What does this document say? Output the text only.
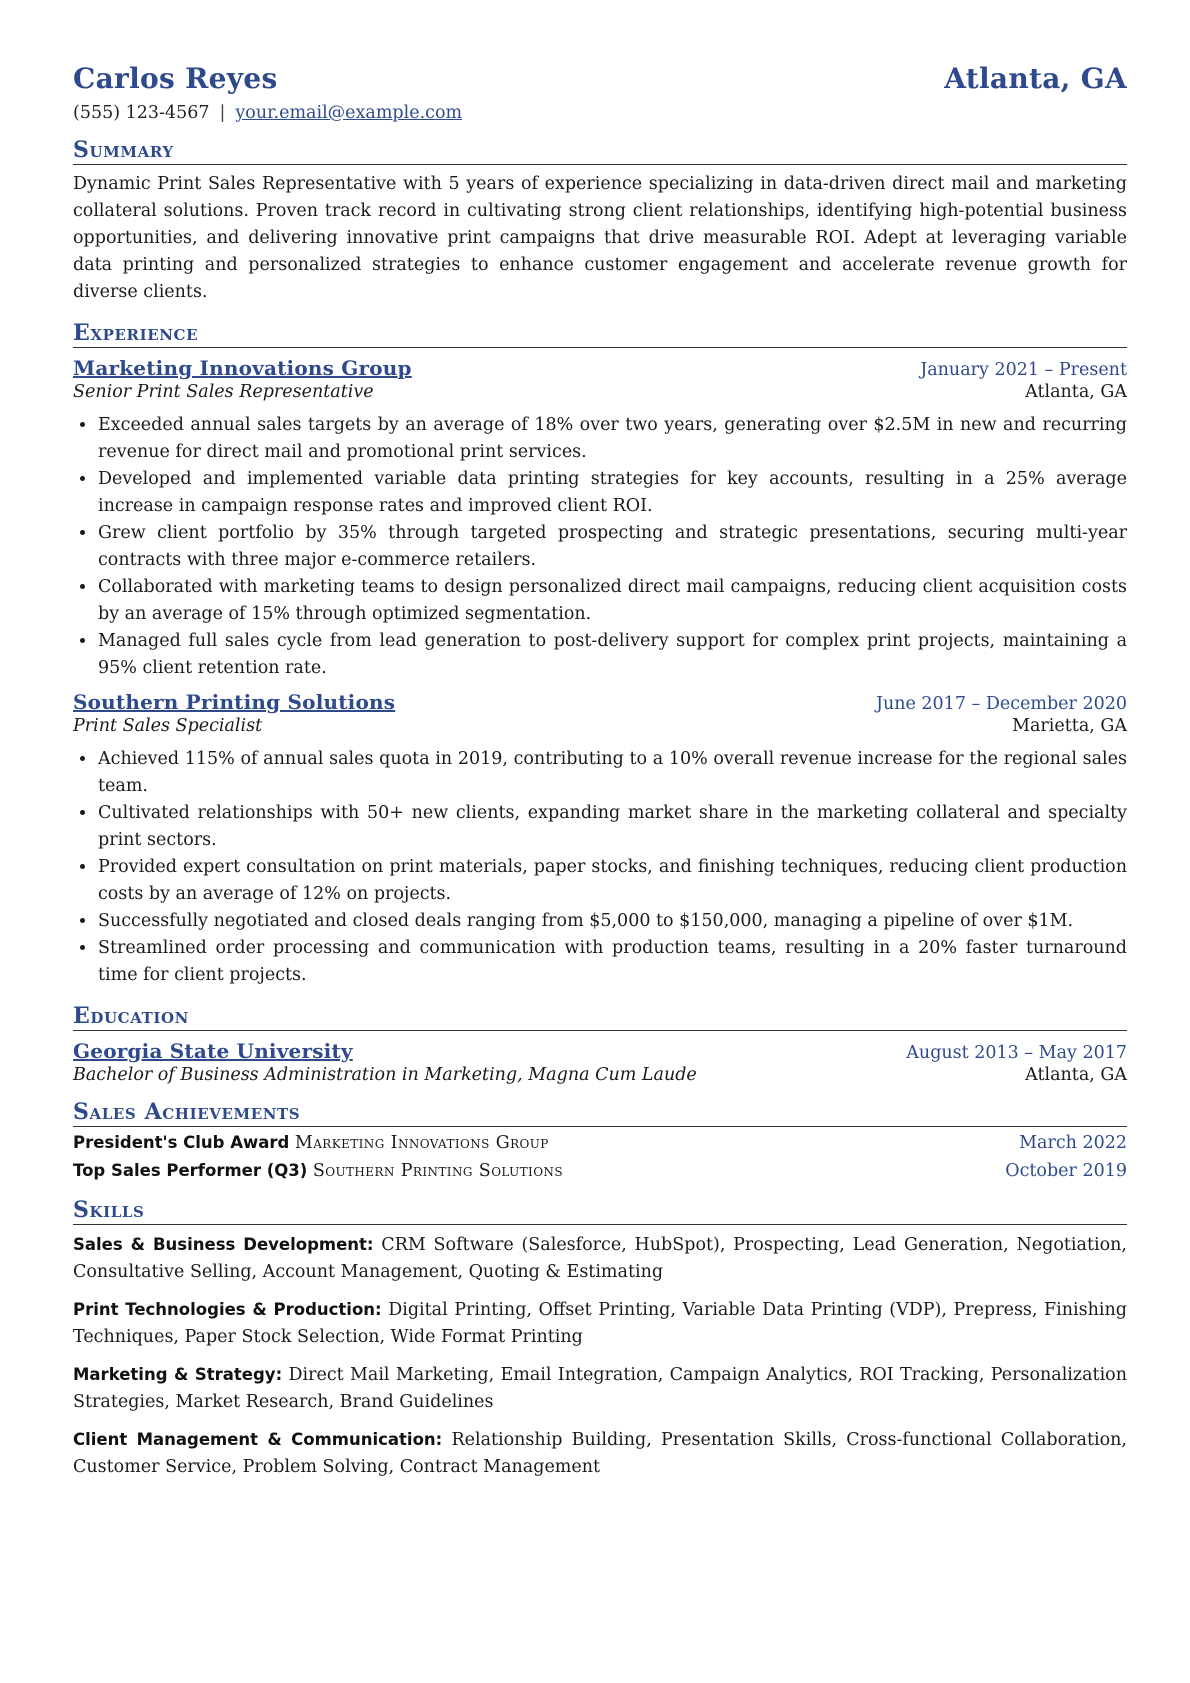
Carlos Reyes	Atlanta, GA
(555) 123-4567 | your.email@example.com
Summary
Dynamic Print Sales Representative with 5 years of experience specializing in data-driven direct mail and marketing collateral solutions. Proven track record in cultivating strong client relationships, identifying high-potential business opportunities, and delivering innovative print campaigns that drive measurable ROI. Adept at leveraging variable data printing and personalized strategies to enhance customer engagement and accelerate revenue growth for diverse clients.
Experience
Marketing Innovations Group	January 2021 – Present
Senior Print Sales Representative	Atlanta, GA
• Exceeded annual sales targets by an average of 18% over two years, generating over $2.5M in new and recurring revenue for direct mail and promotional print services.
• Developed and implemented variable data printing strategies for key accounts, resulting in a 25% average increase in campaign response rates and improved client ROI.
• Grew client portfolio by 35% through targeted prospecting and strategic presentations, securing multi-year contracts with three major e-commerce retailers.
• Collaborated with marketing teams to design personalized direct mail campaigns, reducing client acquisition costs by an average of 15% through optimized segmentation.
• Managed full sales cycle from lead generation to post-delivery support for complex print projects, maintaining a 95% client retention rate.
Southern Printing Solutions	June 2017 – December 2020
Print Sales Specialist	Marietta, GA
• Achieved 115% of annual sales quota in 2019, contributing to a 10% overall revenue increase for the regional sales team.
• Cultivated relationships with 50+ new clients, expanding market share in the marketing collateral and specialty print sectors.
• Provided expert consultation on print materials, paper stocks, and finishing techniques, reducing client production costs by an average of 12% on projects.
• Successfully negotiated and closed deals ranging from $5,000 to $150,000, managing a pipeline of over $1M.
• Streamlined order processing and communication with production teams, resulting in a 20% faster turnaround time for client projects.
Education
Georgia State University	August 2013 – May 2017
Bachelor of Business Administration in Marketing, Magna Cum Laude	Atlanta, GA
Sales Achievements
President's Club Award Marketing Innovations Group	March 2022
Top Sales Performer (Q3) Southern Printing Solutions	October 2019
Skills
Sales & Business Development: CRM Software (Salesforce, HubSpot), Prospecting, Lead Generation, Negotiation, Consultative Selling, Account Management, Quoting & Estimating
Print Technologies & Production: Digital Printing, Offset Printing, Variable Data Printing (VDP), Prepress, Finishing Techniques, Paper Stock Selection, Wide Format Printing
Marketing & Strategy: Direct Mail Marketing, Email Integration, Campaign Analytics, ROI Tracking, Personalization Strategies, Market Research, Brand Guidelines
Client Management & Communication: Relationship Building, Presentation Skills, Cross-functional Collaboration, Customer Service, Problem Solving, Contract Management
